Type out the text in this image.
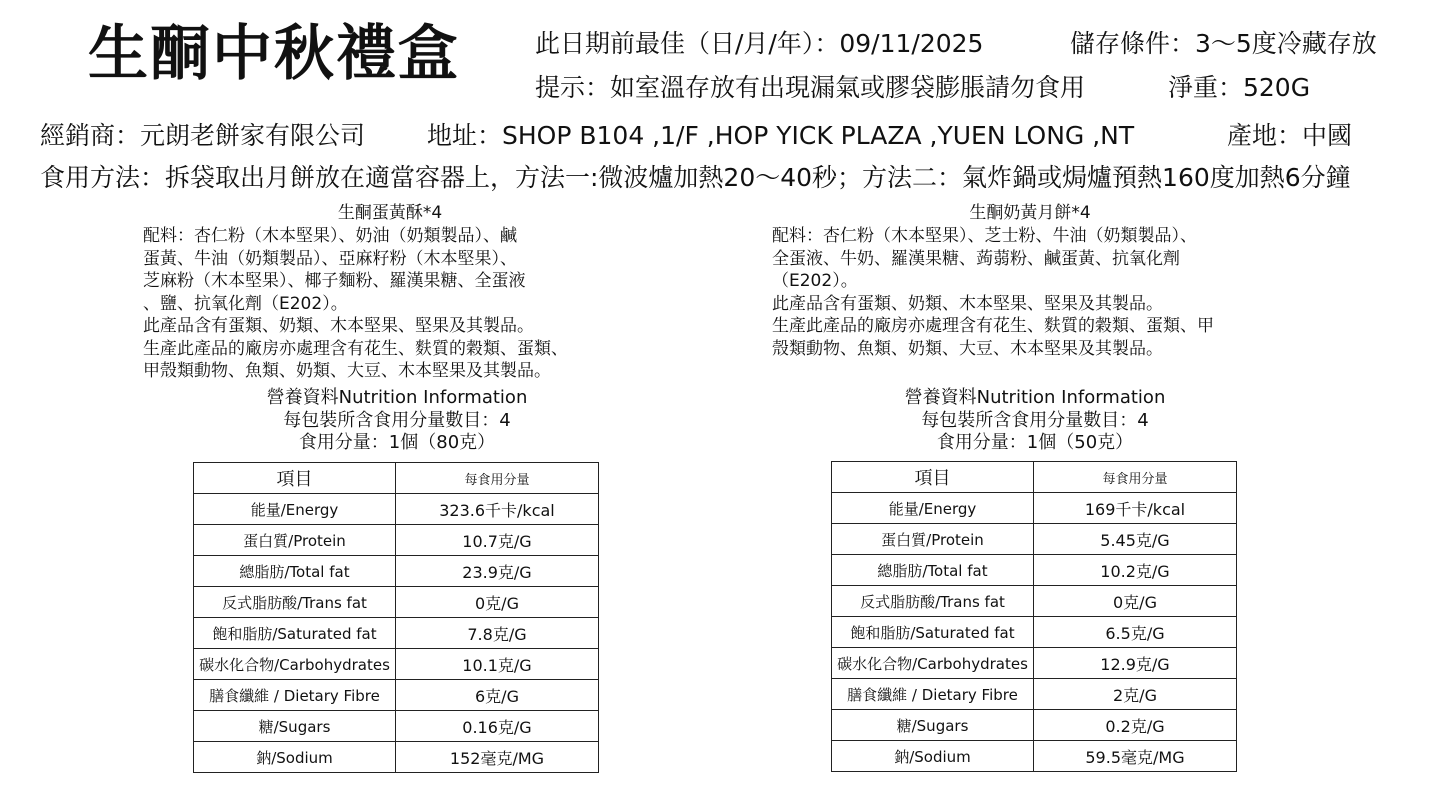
生酮中秋禮盒	此日期前最佳（日/月/年）：09/11/2025	儲存條件：3～5度冷藏存放
提示：如室溫存放有出現漏氣或膠袋膨脹請勿食用	淨重：520G
經銷商：元朗老餅家有限公司 地址：SHOP B104 ,1/F ,HOP YICK PLAZA ,YUEN LONG ,NT	產地：中國
食用方法：拆袋取出月餅放在適當容器上，方法一:微波爐加熱20～40秒；方法二：氣炸鍋或焗爐預熱160度加熱6分鐘
生酮蛋黃酥*4
配料：杏仁粉（木本堅果）、奶油（奶類製品）、鹹
蛋黃、牛油（奶類製品）、亞麻籽粉（木本堅果）、
芝麻粉（木本堅果）、椰子麵粉、羅漢果糖、全蛋液
、鹽、抗氧化劑（E202）。
此產品含有蛋類、奶類、木本堅果、堅果及其製品。
生產此產品的廠房亦處理含有花生、麩質的穀類、蛋類、
甲殼類動物、魚類、奶類、大豆、木本堅果及其製品。
營養資料Nutrition Information
每包裝所含食用分量數目：4
食用分量：1個（80克）
項目	每食用分量
能量/Energy	323.6千卡/kcal
蛋白質/Protein	10.7克/G
總脂肪/Total fat	23.9克/G
反式脂肪酸/Trans fat	0克/G
飽和脂肪/Saturated fat	7.8克/G
碳水化合物/Carbohydrates	10.1克/G
膳食纖維 / Dietary Fibre	6克/G
糖/Sugars	0.16克/G
鈉/Sodium	152毫克/MG
生酮奶黃月餅*4
配料：杏仁粉（木本堅果）、芝士粉、牛油（奶類製品）、
全蛋液、牛奶、羅漢果糖、蒟蒻粉、鹹蛋黃、抗氧化劑
（E202）。
此產品含有蛋類、奶類、木本堅果、堅果及其製品。
生產此產品的廠房亦處理含有花生、麩質的穀類、蛋類、甲
殼類動物、魚類、奶類、大豆、木本堅果及其製品。
營養資料Nutrition Information
每包裝所含食用分量數目：4
食用分量：1個（50克）
項目	每食用分量
能量/Energy	169千卡/kcal
蛋白質/Protein	5.45克/G
總脂肪/Total fat	10.2克/G
反式脂肪酸/Trans fat	0克/G
飽和脂肪/Saturated fat	6.5克/G
碳水化合物/Carbohydrates	12.9克/G
膳食纖維 / Dietary Fibre	2克/G
糖/Sugars	0.2克/G
鈉/Sodium	59.5毫克/MG
